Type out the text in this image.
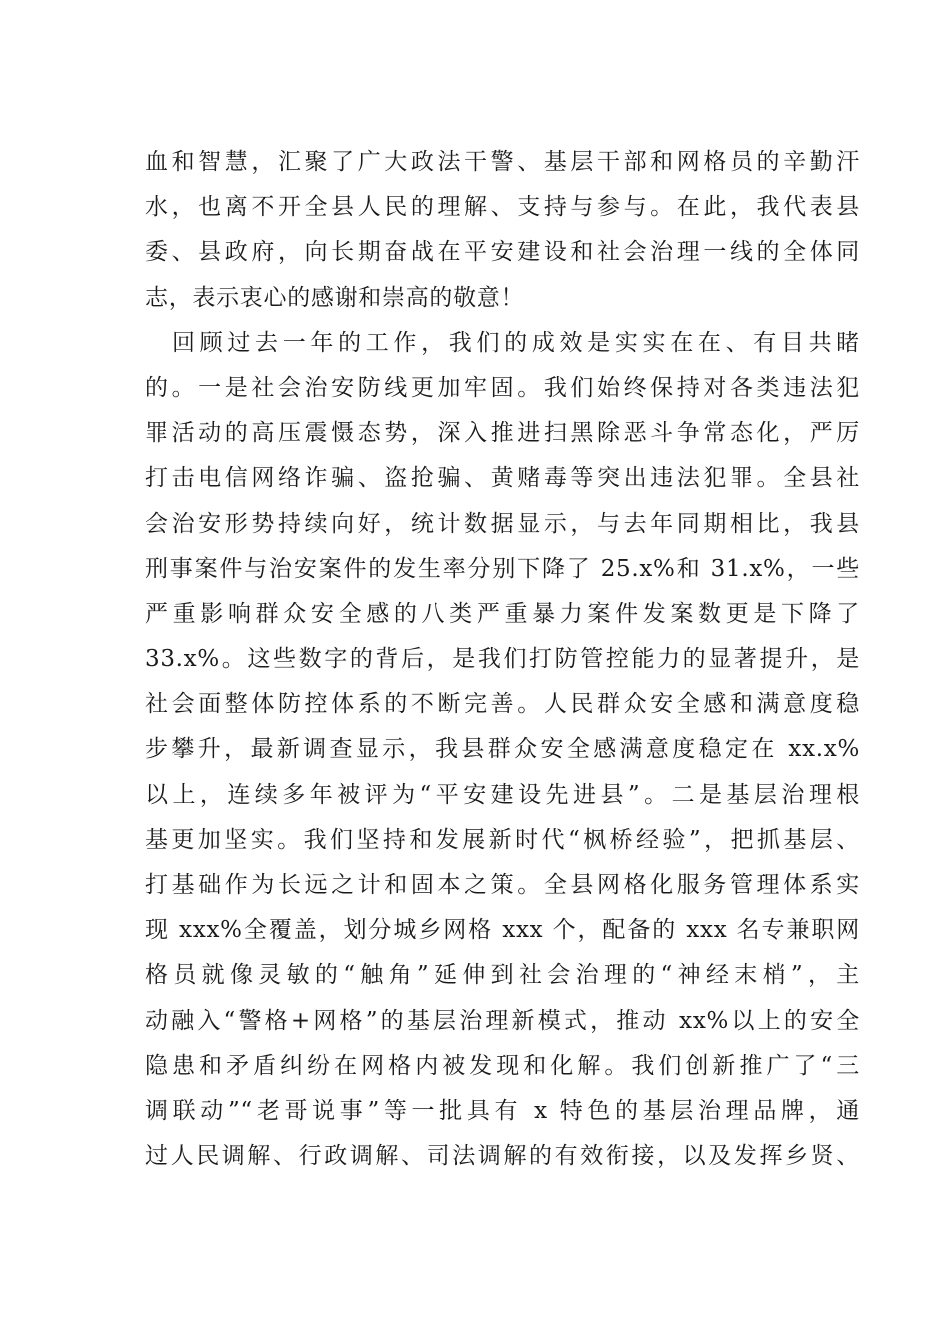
血和智慧，汇聚了广大政法干警、基层干部和网格员的辛勤汗
水，也离不开全县人民的理解、支持与参与。在此，我代表县
委、县政府，向长期奋战在平安建设和社会治理一线的全体同
志，表示衷心的感谢和崇高的敬意！
回顾过去一年的工作，我们的成效是实实在在、有目共睹
的。一是社会治安防线更加牢固。我们始终保持对各类违法犯
罪活动的高压震慑态势，深入推进扫黑除恶斗争常态化，严厉
打击电信网络诈骗、盗抢骗、黄赌毒等突出违法犯罪。全县社
会治安形势持续向好，统计数据显示，与去年同期相比，我县
刑事案件与治安案件的发生率分别下降了 25.x%和 31.x%，一些
严重影响群众安全感的八类严重暴力案件发案数更是下降了
33.x%。这些数字的背后，是我们打防管控能力的显著提升，是
社会面整体防控体系的不断完善。人民群众安全感和满意度稳
步攀升，最新调查显示，我县群众安全感满意度稳定在 xx.x%
以上，连续多年被评为“平安建设先进县”。二是基层治理根
基更加坚实。我们坚持和发展新时代“枫桥经验”，把抓基层、
打基础作为长远之计和固本之策。全县网格化服务管理体系实
现 xxx%全覆盖，划分城乡网格 xxx 个，配备的 xxx 名专兼职网
格员就像灵敏的“触角”延伸到社会治理的“神经末梢”，主
动融入“警格+网格”的基层治理新模式，推动 xx%以上的安全
隐患和矛盾纠纷在网格内被发现和化解。我们创新推广了“三
调联动”“老哥说事”等一批具有 x 特色的基层治理品牌，通
过人民调解、行政调解、司法调解的有效衔接，以及发挥乡贤、
